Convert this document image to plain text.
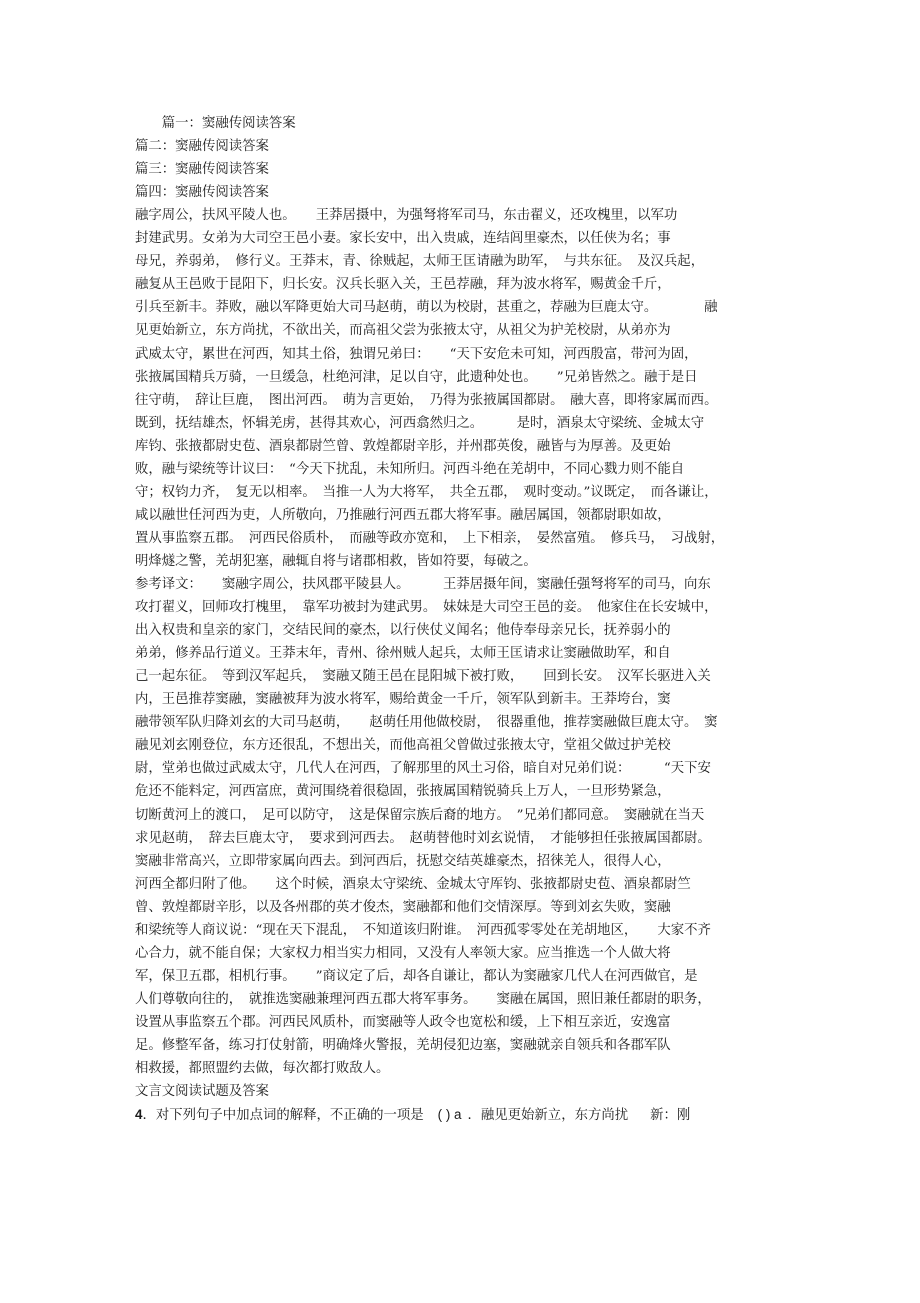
　　篇一：窦融传阅读答案
篇二：窦融传阅读答案
篇三：窦融传阅读答案
篇四：窦融传阅读答案
融字周公，扶风平陵人也。　　王莽居摄中，为强弩将军司马，东击翟义，还攻槐里，以军功
封建武男。女弟为大司空王邑小妻。家长安中，出入贵戚，连结闾里豪杰，以任侠为名；事
母兄，养弱弟，　修行义。王莽末，青、徐贼起，太师王匡请融为助军，　与共东征。　及汉兵起，
融复从王邑败于昆阳下，归长安。汉兵长驱入关，王邑荐融，拜为波水将军，赐黄金千斤，
引兵至新丰。莽败，融以军降更始大司马赵萌，萌以为校尉，甚重之，荐融为巨鹿太守。　　　　融
见更始新立，东方尚扰，不欲出关，而高祖父尝为张掖太守，从祖父为护羌校尉，从弟亦为
武威太守，累世在河西，知其土俗，独谓兄弟曰：　　“天下安危未可知，河西殷富，带河为固，
张掖属国精兵万骑，一旦缓急，杜绝河津，足以自守，此遗种处也。　　”兄弟皆然之。融于是日
往守萌，　辞让巨鹿，　图出河西。　萌为言更始，　乃得为张掖属国都尉。　融大喜，即将家属而西。
既到，抚结雄杰，怀辑羌虏，甚得其欢心，河西翕然归之。　　　是时，酒泉太守梁统、金城太守
库钧、张掖都尉史苞、酒泉都尉竺曾、敦煌都尉辛肜，并州郡英俊，融皆与为厚善。及更始
败，融与梁统等计议曰：　“今天下扰乱，未知所归。河西斗绝在羌胡中，不同心戮力则不能自
守；权钧力齐，　复无以相率。　当推一人为大将军，　共全五郡，　观时变动。”议既定，　而各谦让，
咸以融世任河西为吏，人所敬向，乃推融行河西五郡大将军事。融居属国，领都尉职如故，
置从事监察五郡。　河西民俗质朴，　而融等政亦宽和，　上下相亲，　晏然富殖。　修兵马，　习战射，
明烽燧之警，羌胡犯塞，融辄自将与诸郡相救，皆如符要，每破之。
参考译文：　　窦融字周公，扶风郡平陵县人。　　　王莽居摄年间，窦融任强弩将军的司马，向东
攻打翟义，回师攻打槐里，　靠军功被封为建武男。　妹妹是大司空王邑的妾。　他家住在长安城中，
出入权贵和皇亲的家门，交结民间的豪杰，以行侠仗义闻名；他侍奉母亲兄长，抚养弱小的
弟弟，修养品行道义。王莽末年，青州、徐州贼人起兵，太师王匡请求让窦融做助军，和自
己一起东征。　等到汉军起兵，　窦融又随王邑在昆阳城下被打败，　　回到长安。　汉军长驱进入关
内，王邑推荐窦融，窦融被拜为波水将军，赐给黄金一千斤，领军队到新丰。王莽垮台，窦
融带领军队归降刘玄的大司马赵萌，　　赵萌任用他做校尉，　很器重他，推荐窦融做巨鹿太守。　窦
融见刘玄刚登位，东方还很乱，不想出关，而他高祖父曾做过张掖太守，堂祖父做过护羌校
尉，堂弟也做过武威太守，几代人在河西，了解那里的风土习俗，暗自对兄弟们说：　　　“天下安
危还不能料定，河西富庶，黄河围绕着很稳固，张掖属国精锐骑兵上万人，一旦形势紧急，
切断黄河上的渡口，　足可以防守，　这是保留宗族后裔的地方。　”兄弟们都同意。　窦融就在当天
求见赵萌，　辞去巨鹿太守，　要求到河西去。　赵萌替他时刘玄说情，　才能够担任张掖属国都尉。
窦融非常高兴，立即带家属向西去。到河西后，抚慰交结英雄豪杰，招徕羌人，很得人心，
河西全都归附了他。　　这个时候，酒泉太守梁统、金城太守厍钧、张掖都尉史苞、酒泉都尉竺
曾、敦煌都尉辛肜，以及各州郡的英才俊杰，窦融都和他们交情深厚。等到刘玄失败，窦融
和梁统等人商议说：“现在天下混乱，　不知道该归附谁。　河西孤零零处在羌胡地区，　　大家不齐
心合力，就不能自保；大家权力相当实力相同，又没有人率领大家。应当推选一个人做大将
军，保卫五郡，相机行事。　　”商议定了后，却各自谦让，都认为窦融家几代人在河西做官，是
人们尊敬向往的，　就推选窦融兼理河西五郡大将军事务。　　窦融在属国，照旧兼任都尉的职务，
设置从事监察五个郡。河西民风质朴，而窦融等人政令也宽松和缓，上下相互亲近，安逸富
足。修整军备，练习打仗射箭，明确烽火警报，羌胡侵犯边塞，窦融就亲自领兵和各郡军队
相救援，都照盟约去做，每次都打败敌人。
文言文阅读试题及答案
4．对下列句子中加点词的解释，不正确的一项是 ( ) a ．融见更始新立，东方尚扰 新：刚
